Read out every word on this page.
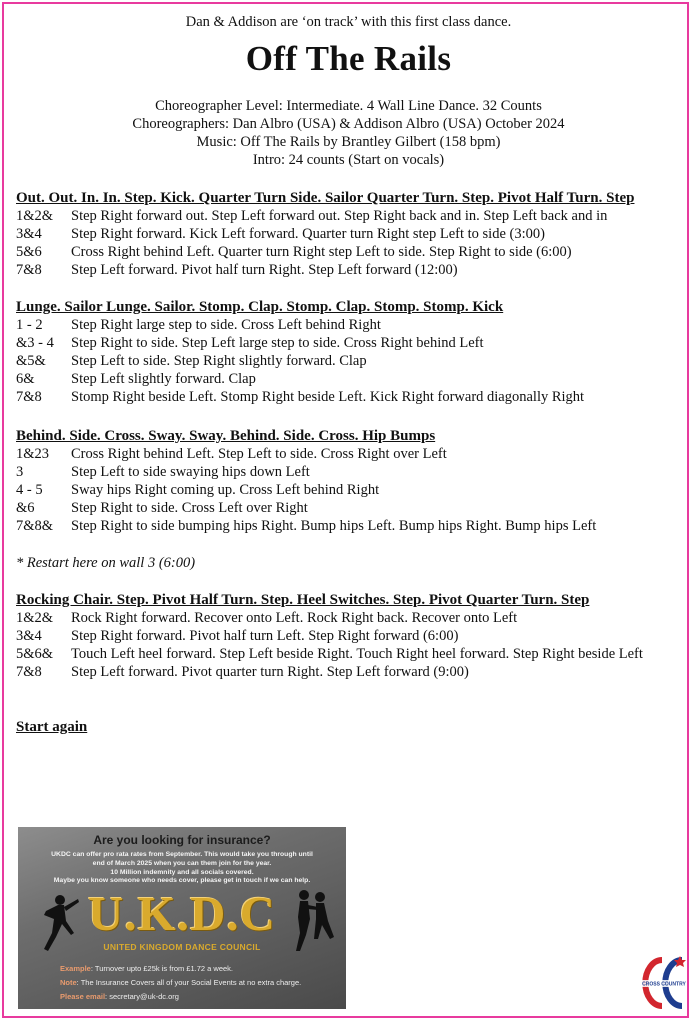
Dan & Addison are ‘on track’ with this first class dance.
Off The Rails
Choreographer Level: Intermediate. 4 Wall Line Dance. 32 Counts
Choreographers: Dan Albro (USA) & Addison Albro (USA) October 2024
Music: Off The Rails by Brantley Gilbert (158 bpm)
Intro: 24 counts (Start on vocals)
Out. Out. In. In. Step. Kick. Quarter Turn Side. Sailor Quarter Turn. Step. Pivot Half Turn. Step
1&2&	Step Right forward out. Step Left forward out. Step Right back and in. Step Left back and in
3&4	Step Right forward. Kick Left forward. Quarter turn Right step Left to side (3:00)
5&6	Cross Right behind Left. Quarter turn Right step Left to side. Step Right to side (6:00)
7&8	Step Left forward. Pivot half turn Right. Step Left forward (12:00)
Lunge. Sailor Lunge. Sailor. Stomp. Clap. Stomp. Clap. Stomp. Stomp. Kick
1 - 2	Step Right large step to side. Cross Left behind Right
&3 - 4	Step Right to side. Step Left large step to side. Cross Right behind Left
&5&	Step Left to side. Step Right slightly forward. Clap
6&	Step Left slightly forward. Clap
7&8	Stomp Right beside Left. Stomp Right beside Left. Kick Right forward diagonally Right
Behind. Side. Cross. Sway. Sway. Behind. Side. Cross. Hip Bumps
1&23	Cross Right behind Left. Step Left to side. Cross Right over Left
3	Step Left to side swaying hips down Left
4 - 5	Sway hips Right coming up. Cross Left behind Right
&6	Step Right to side. Cross Left over Right
7&8&	Step Right to side bumping hips Right. Bump hips Left. Bump hips Right. Bump hips Left
* Restart here on wall 3 (6:00)
Rocking Chair. Step. Pivot Half Turn. Step. Heel Switches. Step. Pivot Quarter Turn. Step
1&2&	Rock Right forward. Recover onto Left. Rock Right back. Recover onto Left
3&4	Step Right forward. Pivot half turn Left. Step Right forward (6:00)
5&6&	Touch Left heel forward. Step Left beside Right. Touch Right heel forward. Step Right beside Left
7&8	Step Left forward. Pivot quarter turn Right. Step Left forward (9:00)
Start again
Are you looking for insurance?
UKDC can offer pro rata rates from September. This would take you through until
end of March 2025 when you can them join for the year.
10 Million indemnity and all socials covered.
Maybe you know someone who needs cover, please get in touch if we can help.
U.K.D.C
UNITED KINGDOM DANCE COUNCIL
Example: Turnover upto £25k is from £1.72 a week.
Note: The Insurance Covers all of your Social Events at no extra charge.
Please email: secretary@uk-dc.org
CROSS COUNTRY
